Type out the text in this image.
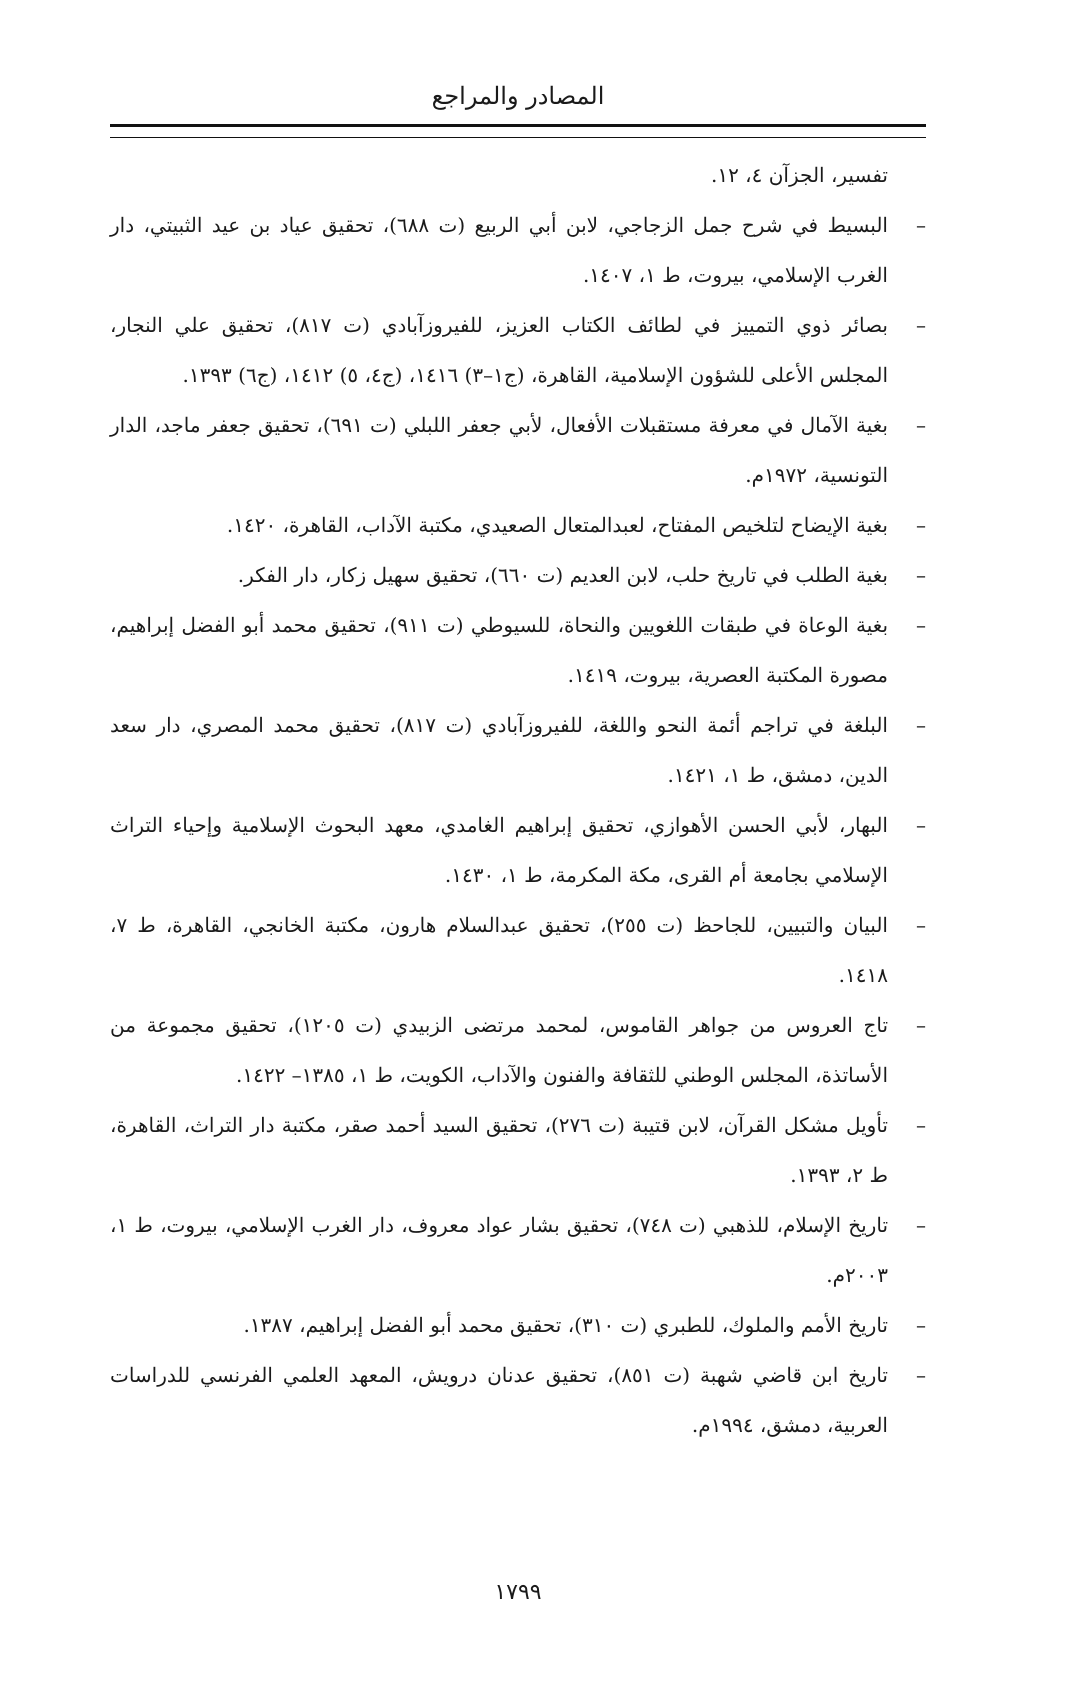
المصادر والمراجع

تفسير، الجزآن ٤، ١٢.

–
البسيط في شرح جمل الزجاجي، لابن أبي الربيع (ت ٦٨٨)، تحقيق عياد بن عيد الثبيتي، دار الغرب الإسلامي، بيروت، ط ١، ١٤٠٧.

–
بصائر ذوي التمييز في لطائف الكتاب العزيز، للفيروزآبادي (ت ٨١٧)، تحقيق علي النجار، المجلس الأعلى للشؤون الإسلامية، القاهرة، (ج١–٣) ١٤١٦، (ج٤، ٥) ١٤١٢، (ج٦) ١٣٩٣.

–
بغية الآمال في معرفة مستقبلات الأفعال، لأبي جعفر اللبلي (ت ٦٩١)، تحقيق جعفر ماجد، الدار التونسية، ١٩٧٢م.

–
بغية الإيضاح لتلخيص المفتاح، لعبدالمتعال الصعيدي، مكتبة الآداب، القاهرة، ١٤٢٠.

–
بغية الطلب في تاريخ حلب، لابن العديم (ت ٦٦٠)، تحقيق سهيل زكار، دار الفكر.

–
بغية الوعاة في طبقات اللغويين والنحاة، للسيوطي (ت ٩١١)، تحقيق محمد أبو الفضل إبراهيم، مصورة المكتبة العصرية، بيروت، ١٤١٩.

–
البلغة في تراجم أئمة النحو واللغة، للفيروزآبادي (ت ٨١٧)، تحقيق محمد المصري، دار سعد الدين، دمشق، ط ١، ١٤٢١.

–
البهار، لأبي الحسن الأهوازي، تحقيق إبراهيم الغامدي، معهد البحوث الإسلامية وإحياء التراث الإسلامي بجامعة أم القرى، مكة المكرمة، ط ١، ١٤٣٠.

–
البيان والتبيين، للجاحظ (ت ٢٥٥)، تحقيق عبدالسلام هارون، مكتبة الخانجي، القاهرة، ط ٧، ١٤١٨.

–
تاج العروس من جواهر القاموس، لمحمد مرتضى الزبيدي (ت ١٢٠٥)، تحقيق مجموعة من الأساتذة، المجلس الوطني للثقافة والفنون والآداب، الكويت، ط ١، ١٣٨٥– ١٤٢٢.

–
تأويل مشكل القرآن، لابن قتيبة (ت ٢٧٦)، تحقيق السيد أحمد صقر، مكتبة دار التراث، القاهرة، ط ٢، ١٣٩٣.

–
تاريخ الإسلام، للذهبي (ت ٧٤٨)، تحقيق بشار عواد معروف، دار الغرب الإسلامي، بيروت، ط ١، ٢٠٠٣م.

–
تاريخ الأمم والملوك، للطبري (ت ٣١٠)، تحقيق محمد أبو الفضل إبراهيم، ١٣٨٧.

–
تاريخ ابن قاضي شهبة (ت ٨٥١)، تحقيق عدنان درويش، المعهد العلمي الفرنسي للدراسات العربية، دمشق، ١٩٩٤م.

١٧٩٩
